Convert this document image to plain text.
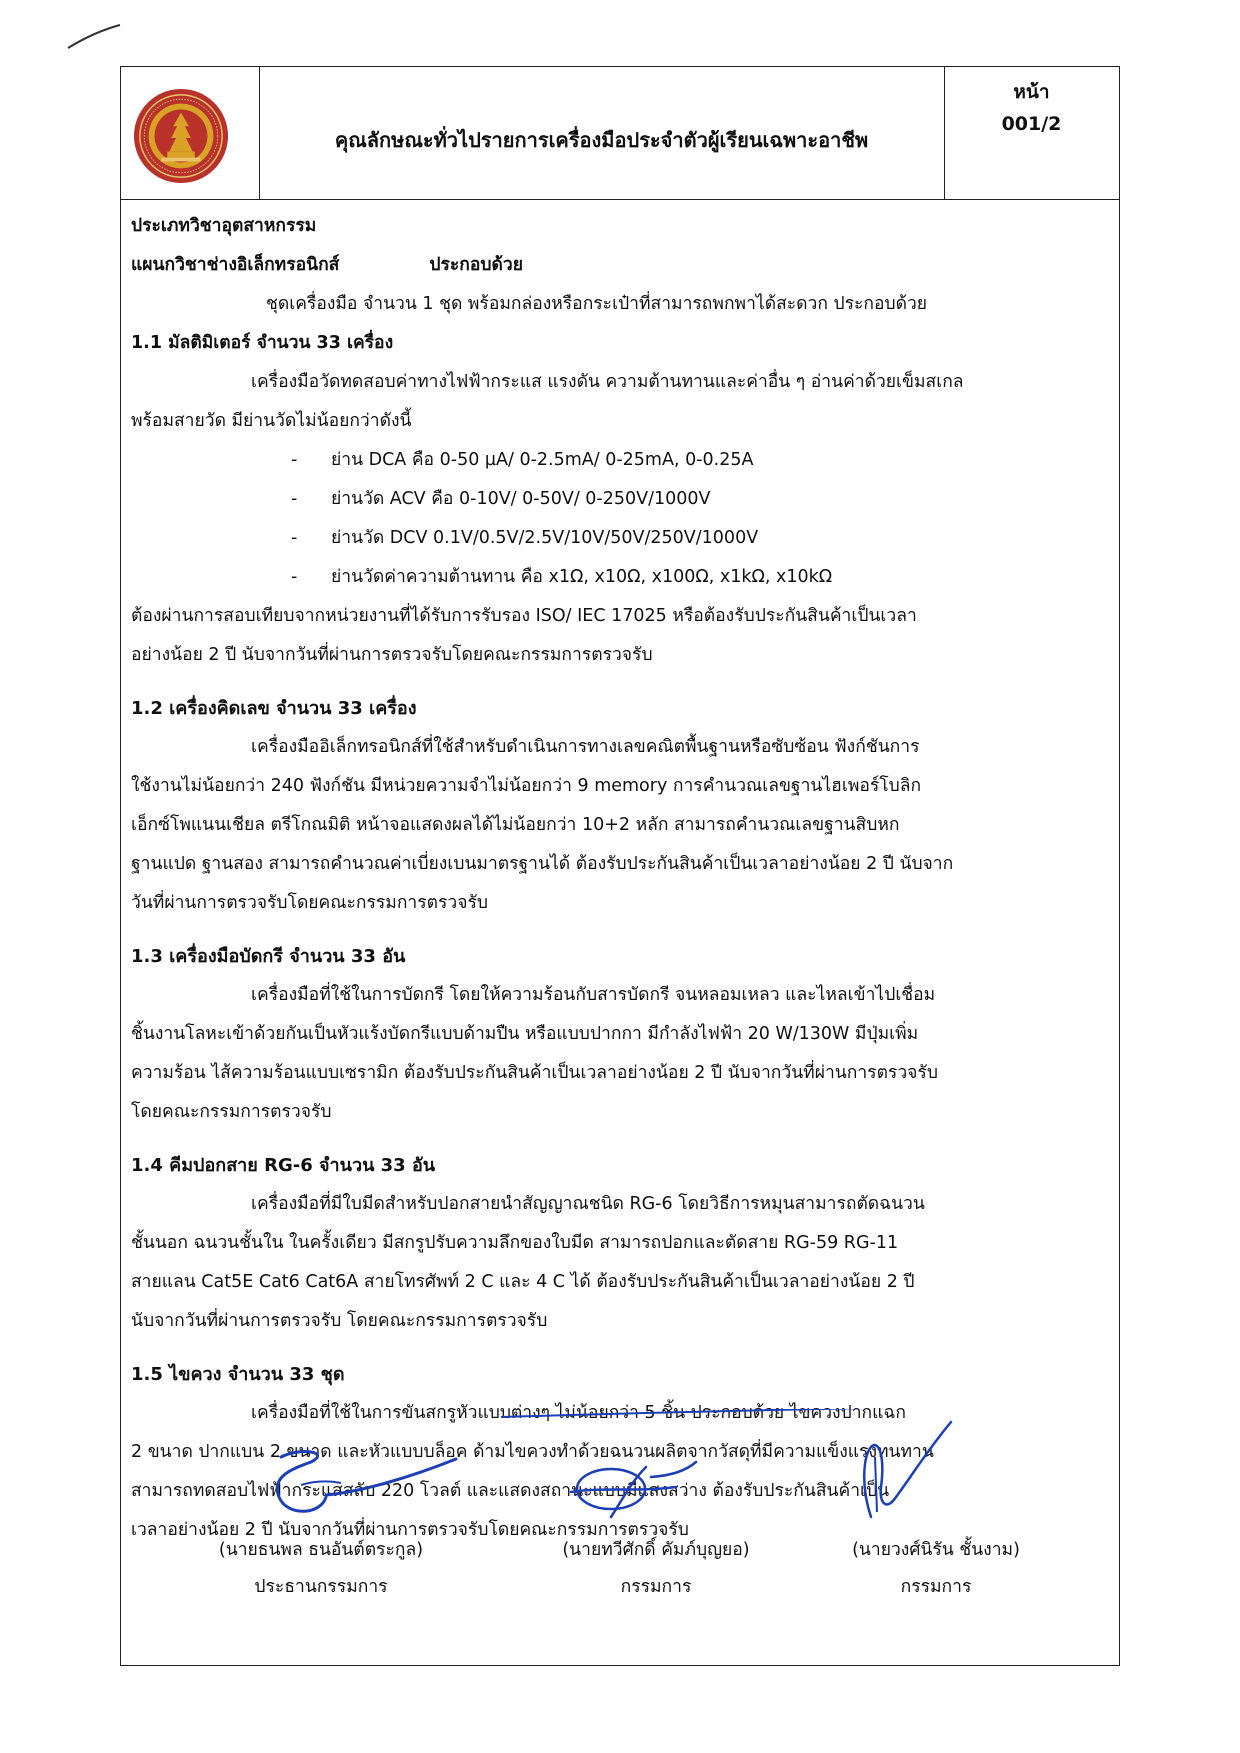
คุณลักษณะทั่วไปรายการเครื่องมือประจำตัวผู้เรียนเฉพาะอาชีพ
หน้า
001/2

ประเภทวิชาอุตสาหกรรม

แผนกวิชาช่างอิเล็กทรอนิกส์	ประกอบด้วย

ชุดเครื่องมือ จำนวน 1 ชุด พร้อมกล่องหรือกระเป๋าที่สามารถพกพาได้สะดวก ประกอบด้วย

1.1 มัลติมิเตอร์ จำนวน 33 เครื่อง

เครื่องมือวัดทดสอบค่าทางไฟฟ้ากระแส แรงดัน ความต้านทานและค่าอื่น ๆ อ่านค่าด้วยเข็มสเกล

พร้อมสายวัด มีย่านวัดไม่น้อยกว่าดังนี้

- ย่าน DCA คือ 0-50 µA/ 0-2.5mA/ 0-25mA, 0-0.25A
- ย่านวัด ACV คือ 0-10V/ 0-50V/ 0-250V/1000V
- ย่านวัด DCV 0.1V/0.5V/2.5V/10V/50V/250V/1000V
- ย่านวัดค่าความต้านทาน คือ x1Ω, x10Ω, x100Ω, x1kΩ, x10kΩ

ต้องผ่านการสอบเทียบจากหน่วยงานที่ได้รับการรับรอง ISO/ IEC 17025 หรือต้องรับประกันสินค้าเป็นเวลา

อย่างน้อย 2 ปี นับจากวันที่ผ่านการตรวจรับโดยคณะกรรมการตรวจรับ

1.2 เครื่องคิดเลข จำนวน 33 เครื่อง

เครื่องมืออิเล็กทรอนิกส์ที่ใช้สำหรับดำเนินการทางเลขคณิตพื้นฐานหรือซับซ้อน ฟังก์ชันการ

ใช้งานไม่น้อยกว่า 240 ฟังก์ชัน มีหน่วยความจำไม่น้อยกว่า 9 memory การคำนวณเลขฐานไฮเพอร์โบลิก

เอ็กซ์โพแนนเชียล ตรีโกณมิติ หน้าจอแสดงผลได้ไม่น้อยกว่า 10+2 หลัก สามารถคำนวณเลขฐานสิบหก

ฐานแปด ฐานสอง สามารถคำนวณค่าเบี่ยงเบนมาตรฐานได้ ต้องรับประกันสินค้าเป็นเวลาอย่างน้อย 2 ปี นับจาก

วันที่ผ่านการตรวจรับโดยคณะกรรมการตรวจรับ

1.3 เครื่องมือบัดกรี จำนวน 33 อัน

เครื่องมือที่ใช้ในการบัดกรี โดยให้ความร้อนกับสารบัดกรี จนหลอมเหลว และไหลเข้าไปเชื่อม

ชิ้นงานโลหะเข้าด้วยกันเป็นหัวแร้งบัดกรีแบบด้ามปืน หรือแบบปากกา มีกำลังไฟฟ้า 20 W/130W มีปุ่มเพิ่ม

ความร้อน ไส้ความร้อนแบบเซรามิก ต้องรับประกันสินค้าเป็นเวลาอย่างน้อย 2 ปี นับจากวันที่ผ่านการตรวจรับ

โดยคณะกรรมการตรวจรับ

1.4 คีมปอกสาย RG-6 จำนวน 33 อัน

เครื่องมือที่มีใบมีดสำหรับปอกสายนำสัญญาณชนิด RG-6 โดยวิธีการหมุนสามารถตัดฉนวน

ชั้นนอก ฉนวนชั้นใน ในครั้งเดียว มีสกรูปรับความลึกของใบมีด สามารถปอกและตัดสาย RG-59 RG-11

สายแลน Cat5E Cat6 Cat6A สายโทรศัพท์ 2 C และ 4 C ได้ ต้องรับประกันสินค้าเป็นเวลาอย่างน้อย 2 ปี

นับจากวันที่ผ่านการตรวจรับ โดยคณะกรรมการตรวจรับ

1.5 ไขควง จำนวน 33 ชุด

เครื่องมือที่ใช้ในการขันสกรูหัวแบบต่างๆ ไม่น้อยกว่า 5 ชิ้น ประกอบด้วย ไขควงปากแฉก

2 ขนาด ปากแบน 2 ขนาด และหัวแบบบล็อค ด้ามไขควงทำด้วยฉนวนผลิตจากวัสดุที่มีความแข็งแรงทนทาน

สามารถทดสอบไฟฟ้ากระแสสลับ 220 โวลต์ และแสดงสถานะแบบมีแสงสว่าง ต้องรับประกันสินค้าเป็น

เวลาอย่างน้อย 2 ปี นับจากวันที่ผ่านการตรวจรับโดยคณะกรรมการตรวจรับ

(นายธนพล ธนอันต์ตระกูล)
ประธานกรรมการ
(นายทวีศักดิ์ คัมภ์บุญยอ)
กรรมการ
(นายวงศ์นิรัน ชั้นงาม)
กรรมการ
